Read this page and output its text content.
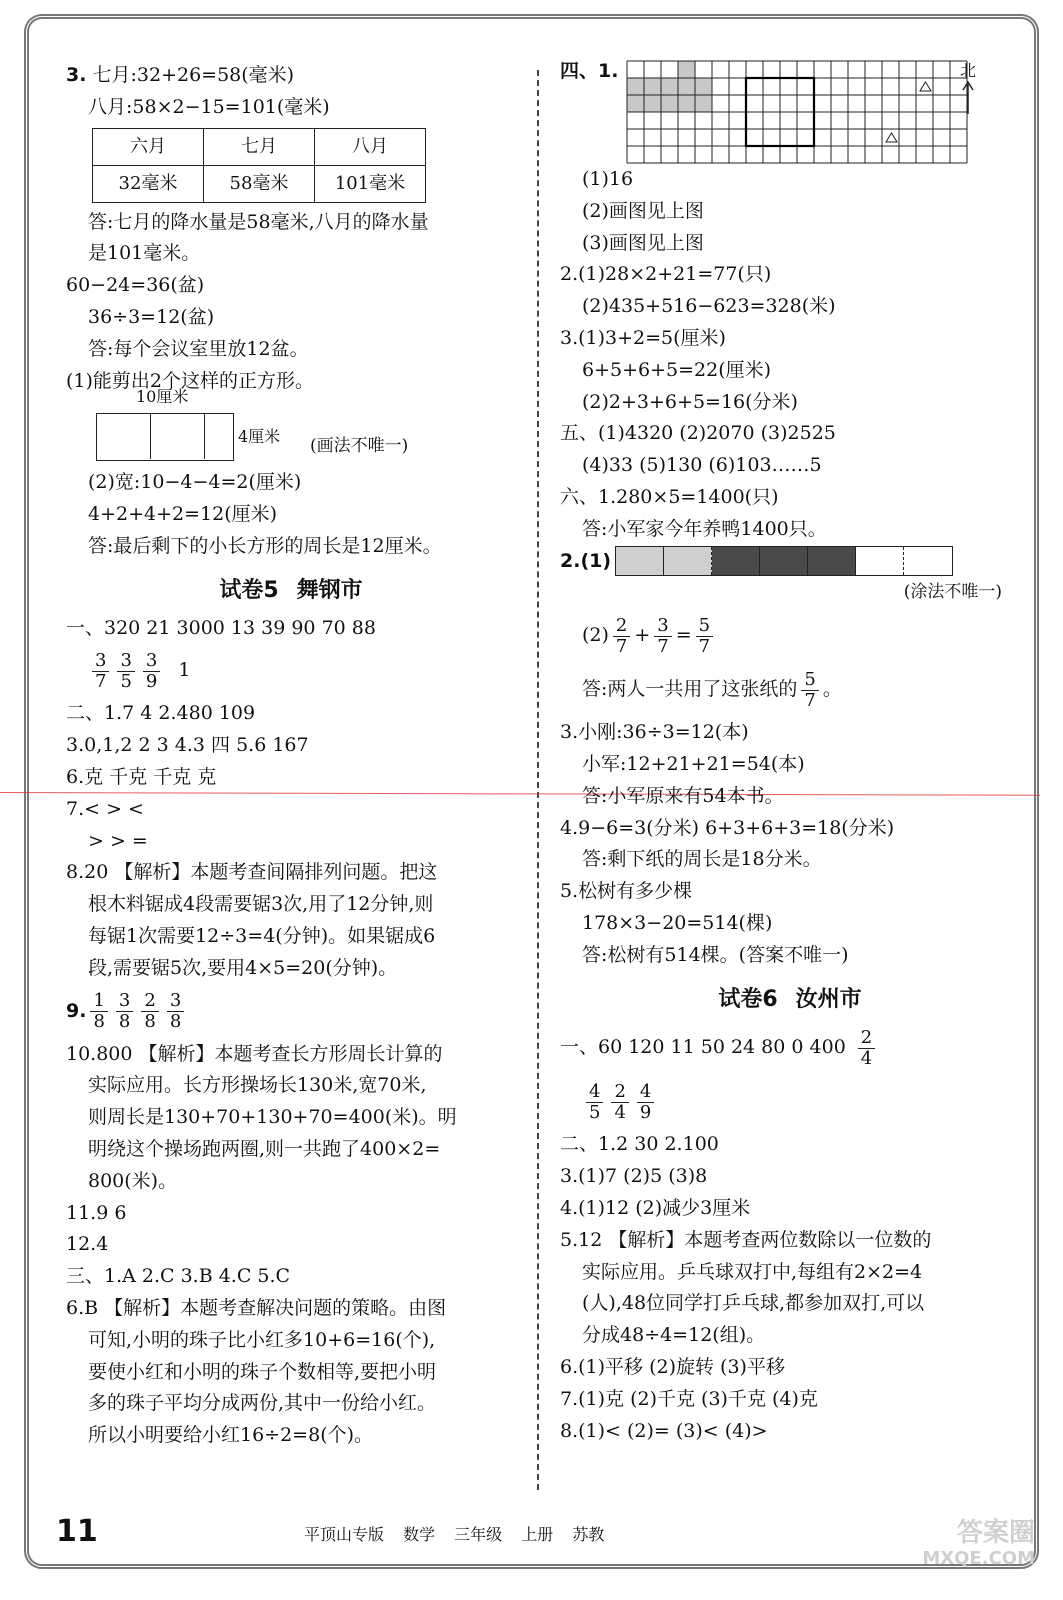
3. 七月:32+26=58(毫米)
八月:58×2−15=101(毫米)
六月	七月	八月
32毫米	58毫米	101毫米
答:七月的降水量是58毫米,八月的降水量
是101毫米。
60−24=36(盆)
36÷3=12(盆)
答:每个会议室里放12盆。
(1)能剪出2个这样的正方形。
10厘米
4厘米 (画法不唯一)
(2)宽:10−4−4=2(厘米)
4+2+4+2=12(厘米)
答:最后剩下的小长方形的周长是12厘米。
试卷5 舞钢市
一、320 21 3000 13 39 90 70 88
$\frac{3}{7} \frac{3}{5} \frac{3}{9} 1$
二、1.7 4 2.480 109
3.0,1,2 2 3 4.3 四 5.6 167
6.克 千克 千克 克
7.< > <
> > =
8.20 【解析】本题考查间隔排列问题。把这
根木料锯成4段需要锯3次,用了12分钟,则
每锯1次需要12÷3=4(分钟)。如果锯成6
段,需要锯5次,要用4×5=20(分钟)。
9. $\frac{1}{8} \frac{3}{8} \frac{2}{8} \frac{3}{8}$
10.800 【解析】本题考查长方形周长计算的
实际应用。长方形操场长130米,宽70米,
则周长是130+70+130+70=400(米)。明
明绕这个操场跑两圈,则一共跑了400×2=
800(米)。
11.9 6
12.4
三、1.A 2.C 3.B 4.C 5.C
6.B 【解析】本题考查解决问题的策略。由图
可知,小明的珠子比小红多10+6=16(个),
要使小红和小明的珠子个数相等,要把小明
多的珠子平均分成两份,其中一份给小红。
所以小明要给小红16÷2=8(个)。
北
四、1.
(1)16
(2)画图见上图
(3)画图见上图
2.(1)28×2+21=77(只)
(2)435+516−623=328(米)
3.(1)3+2=5(厘米)
6+5+6+5=22(厘米)
(2)2+3+6+5=16(分米)
五、(1)4320 (2)2070 (3)2525
(4)33 (5)130 (6)103……5
六、1.280×5=1400(只)
答:小军家今年养鸭1400只。
2.(1)
(涂法不唯一)
$(2) \frac{2}{7} + \frac{3}{7} = \frac{5}{7}$
答:两人一共用了这张纸的 $\frac{5}{7}$ 。
3.小刚:36÷3=12(本)
小军:12+21+21=54(本)
答:小军原来有54本书。
4.9−6=3(分米) 6+3+6+3=18(分米)
答:剩下纸的周长是18分米。
5.松树有多少棵
178×3−20=514(棵)
答:松树有514棵。(答案不唯一)
试卷6 汝州市
一、60 120 11 50 24 80 0 $400 \frac{2}{4}$
$\frac{4}{5} \frac{2}{4} \frac{4}{9}$
二、1.2 30 2.100
3.(1)7 (2)5 (3)8
4.(1)12 (2)减少3厘米
5.12 【解析】本题考查两位数除以一位数的
实际应用。乒乓球双打中,每组有2×2=4
(人),48位同学打乒乓球,都参加双打,可以
分成48÷4=12(组)。
6.(1)平移 (2)旋转 (3)平移
7.(1)克 (2)千克 (3)千克 (4)克
8.(1)< (2)= (3)< (4)>
11	平顶山专版 数学 三年级 上册 苏教	答案圈
MXQE.COM
